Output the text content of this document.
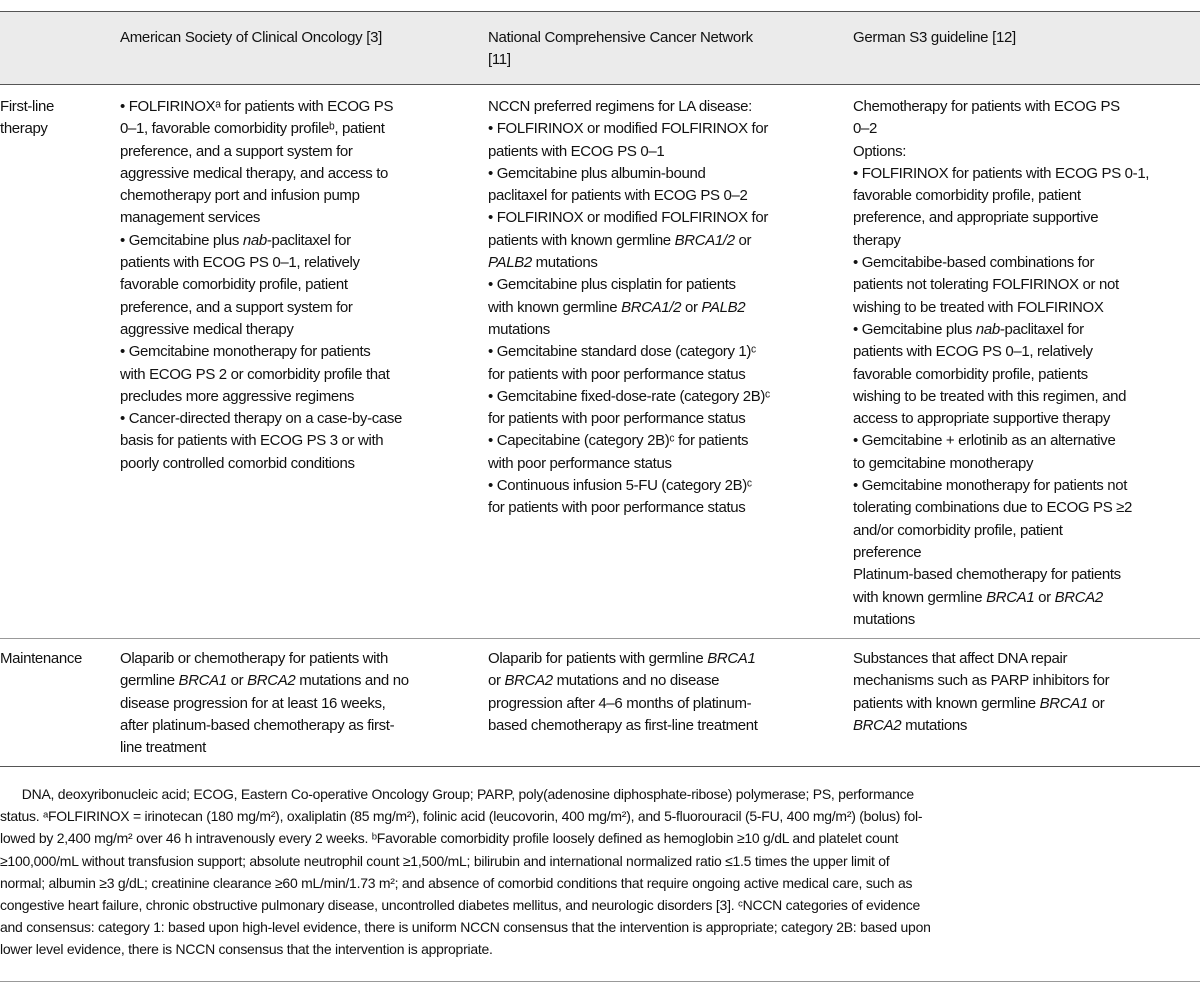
American Society of Clinical Oncology [3]	National Comprehensive Cancer Network
[11]
German S3 guideline [12]
First-line
therapy
• FOLFIRINOXᵃ for patients with ECOG PS
0–1, favorable comorbidity profileᵇ, patient
preference, and a support system for
aggressive medical therapy, and access to
chemotherapy port and infusion pump
management services
• Gemcitabine plus nab-paclitaxel for
patients with ECOG PS 0–1, relatively
favorable comorbidity profile, patient
preference, and a support system for
aggressive medical therapy
• Gemcitabine monotherapy for patients
with ECOG PS 2 or comorbidity profile that
precludes more aggressive regimens
• Cancer-directed therapy on a case-by-case
basis for patients with ECOG PS 3 or with
poorly controlled comorbid conditions
NCCN preferred regimens for LA disease:
• FOLFIRINOX or modified FOLFIRINOX for
patients with ECOG PS 0–1
• Gemcitabine plus albumin-bound
paclitaxel for patients with ECOG PS 0–2
• FOLFIRINOX or modified FOLFIRINOX for
patients with known germline BRCA1/2 or
PALB2 mutations
• Gemcitabine plus cisplatin for patients
with known germline BRCA1/2 or PALB2
mutations
• Gemcitabine standard dose (category 1)ᶜ
for patients with poor performance status
• Gemcitabine fixed-dose-rate (category 2B)ᶜ
for patients with poor performance status
• Capecitabine (category 2B)ᶜ for patients
with poor performance status
• Continuous infusion 5-FU (category 2B)ᶜ
for patients with poor performance status
Chemotherapy for patients with ECOG PS
0–2
Options:
• FOLFIRINOX for patients with ECOG PS 0-1,
favorable comorbidity profile, patient
preference, and appropriate supportive
therapy
• Gemcitabibe-based combinations for
patients not tolerating FOLFIRINOX or not
wishing to be treated with FOLFIRINOX
• Gemcitabine plus nab-paclitaxel for
patients with ECOG PS 0–1, relatively
favorable comorbidity profile, patients
wishing to be treated with this regimen, and
access to appropriate supportive therapy
• Gemcitabine + erlotinib as an alternative
to gemcitabine monotherapy
• Gemcitabine monotherapy for patients not
tolerating combinations due to ECOG PS ≥2
and/or comorbidity profile, patient
preference
Platinum-based chemotherapy for patients
with known germline BRCA1 or BRCA2
mutations
Maintenance	Olaparib or chemotherapy for patients with
germline BRCA1 or BRCA2 mutations and no
disease progression for at least 16 weeks,
after platinum-based chemotherapy as first-
line treatment
Olaparib for patients with germline BRCA1
or BRCA2 mutations and no disease
progression after 4–6 months of platinum-
based chemotherapy as first-line treatment
Substances that affect DNA repair
mechanisms such as PARP inhibitors for
patients with known germline BRCA1 or
BRCA2 mutations
DNA, deoxyribonucleic acid; ECOG, Eastern Co-operative Oncology Group; PARP, poly(adenosine diphosphate-ribose) polymerase; PS, performance
status. ᵃFOLFIRINOX = irinotecan (180 mg/m²), oxaliplatin (85 mg/m²), folinic acid (leucovorin, 400 mg/m²), and 5-fluorouracil (5-FU, 400 mg/m²) (bolus) fol-
lowed by 2,400 mg/m² over 46 h intravenously every 2 weeks. ᵇFavorable comorbidity profile loosely defined as hemoglobin ≥10 g/dL and platelet count
≥100,000/mL without transfusion support; absolute neutrophil count ≥1,500/mL; bilirubin and international normalized ratio ≤1.5 times the upper limit of
normal; albumin ≥3 g/dL; creatinine clearance ≥60 mL/min/1.73 m²; and absence of comorbid conditions that require ongoing active medical care, such as
congestive heart failure, chronic obstructive pulmonary disease, uncontrolled diabetes mellitus, and neurologic disorders [3]. ᶜNCCN categories of evidence
and consensus: category 1: based upon high-level evidence, there is uniform NCCN consensus that the intervention is appropriate; category 2B: based upon
lower level evidence, there is NCCN consensus that the intervention is appropriate.
